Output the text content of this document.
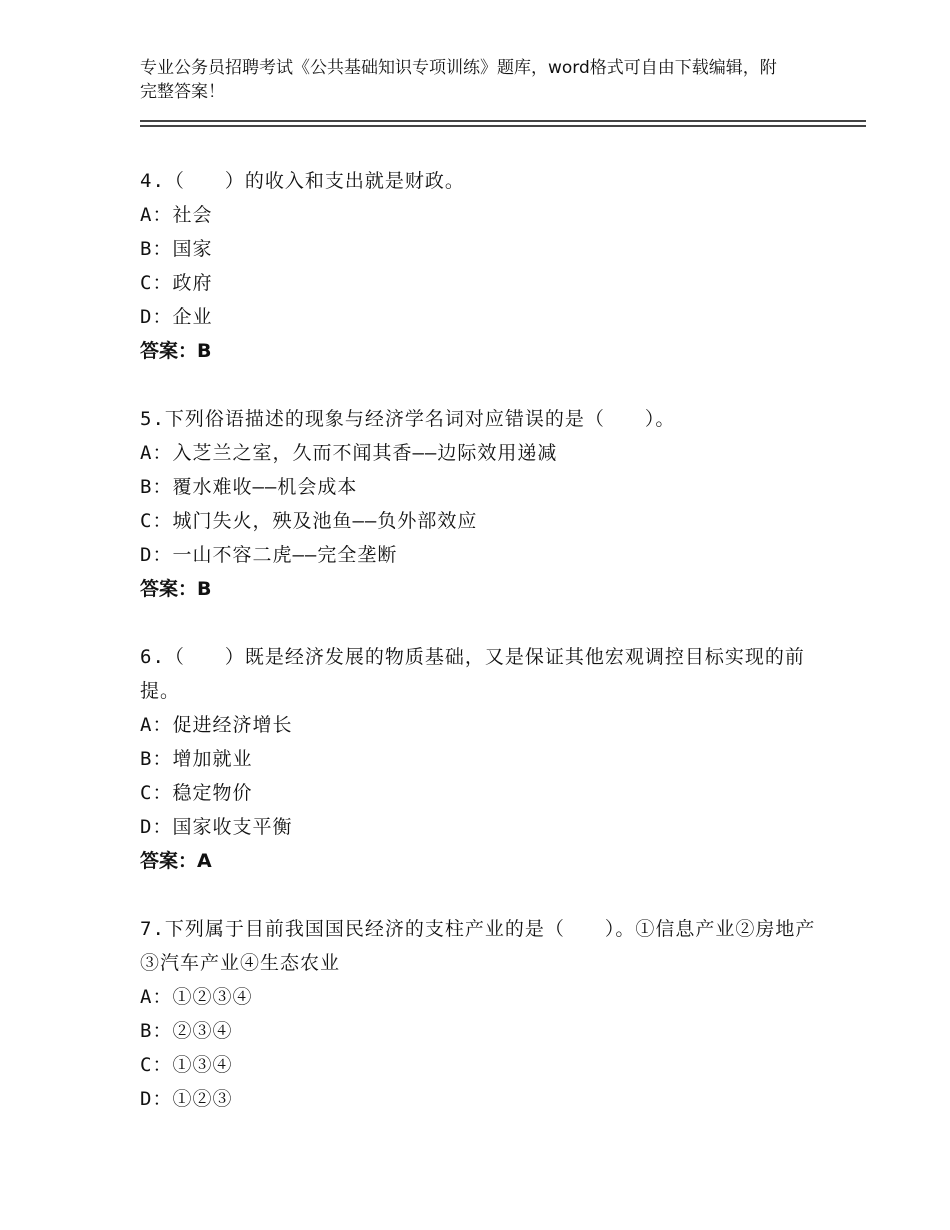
专业公务员招聘考试《公共基础知识专项训练》题库，word格式可自由下载编辑，附完整答案！
4.（　　）的收入和支出就是财政。
A：社会
B：国家
C：政府
D：企业
答案：B
5.下列俗语描述的现象与经济学名词对应错误的是（　　）。
A：入芝兰之室，久而不闻其香——边际效用递减
B：覆水难收——机会成本
C：城门失火，殃及池鱼——负外部效应
D：一山不容二虎——完全垄断
答案：B
6.（　　）既是经济发展的物质基础，又是保证其他宏观调控目标实现的前提。
A：促进经济增长
B：增加就业
C：稳定物价
D：国家收支平衡
答案：A
7.下列属于目前我国国民经济的支柱产业的是（　　）。①信息产业②房地产③汽车产业④生态农业
A：①②③④
B：②③④
C：①③④
D：①②③
